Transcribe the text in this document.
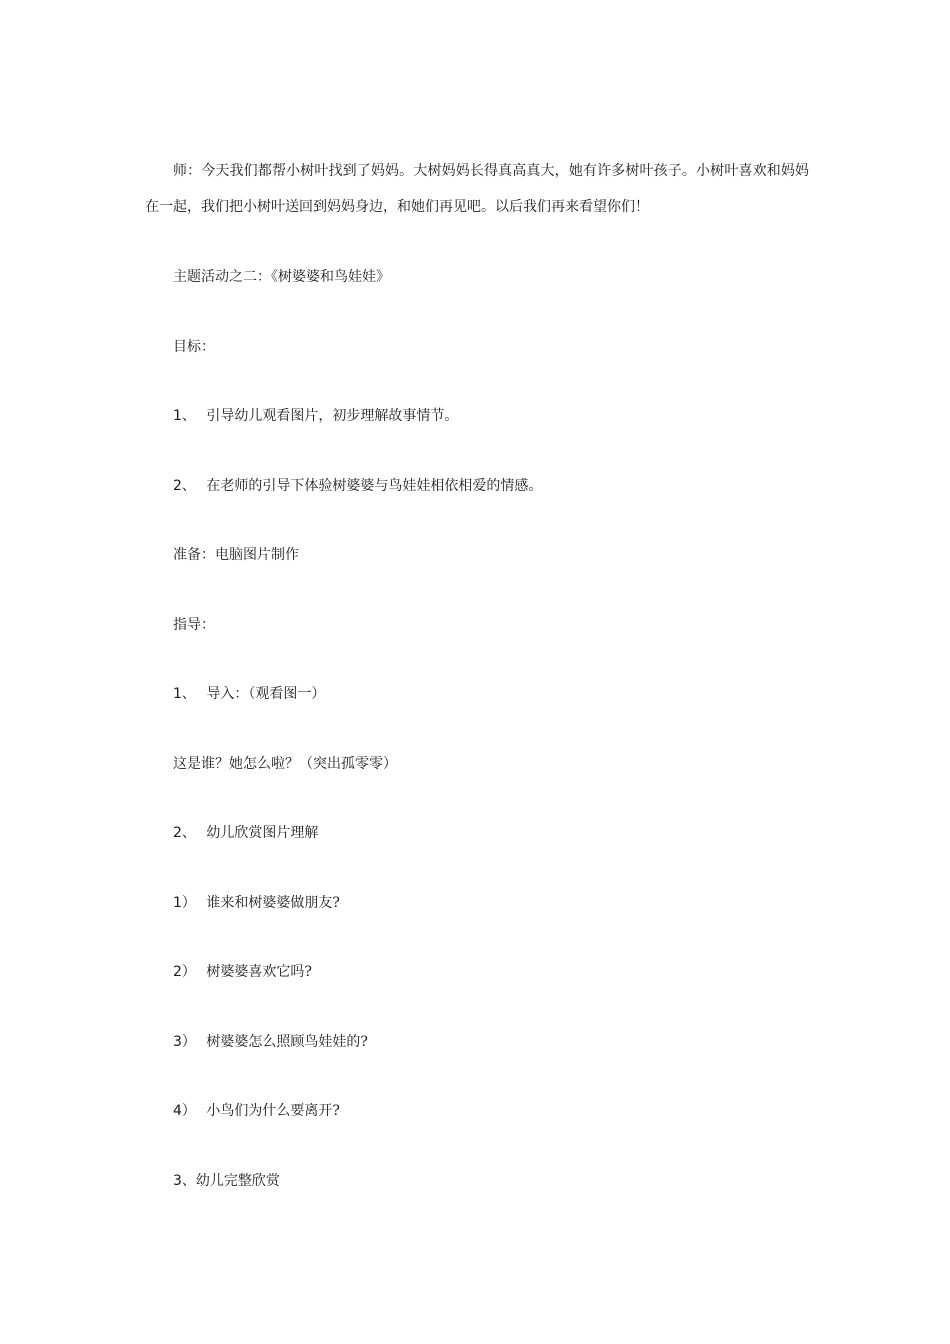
师：今天我们都帮小树叶找到了妈妈。大树妈妈长得真高真大，她有许多树叶孩子。小树叶喜欢和妈妈在一起，我们把小树叶送回到妈妈身边，和她们再见吧。以后我们再来看望你们！
主题活动之二：《树婆婆和鸟娃娃》
目标：
1、 引导幼儿观看图片，初步理解故事情节。
2、 在老师的引导下体验树婆婆与鸟娃娃相依相爱的情感。
准备：电脑图片制作
指导：
1、 导入：（观看图一）
这是谁？她怎么啦？（突出孤零零）
2、 幼儿欣赏图片理解
1） 谁来和树婆婆做朋友?
2） 树婆婆喜欢它吗?
3） 树婆婆怎么照顾鸟娃娃的?
4） 小鸟们为什么要离开?
3、幼儿完整欣赏
